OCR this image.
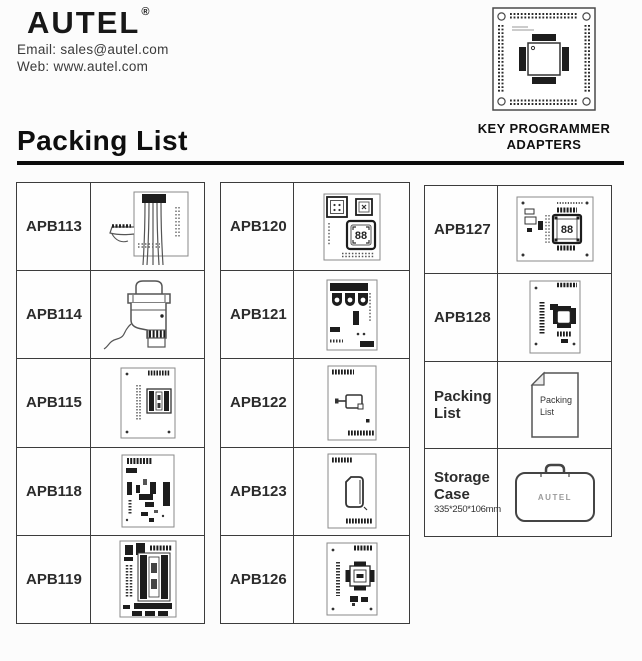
AUTEL®
Email: sales@autel.com
Web: www.autel.com
KEY PROGRAMMER
ADAPTERS
Packing List
APB113
APB114
APB115
APB118
APB119
APB120
88
APB121
APB122
APB123
APB126
APB127	88
APB128
Packing List
Packing
List
Storage Case
335*250*106mm
AUTEL
